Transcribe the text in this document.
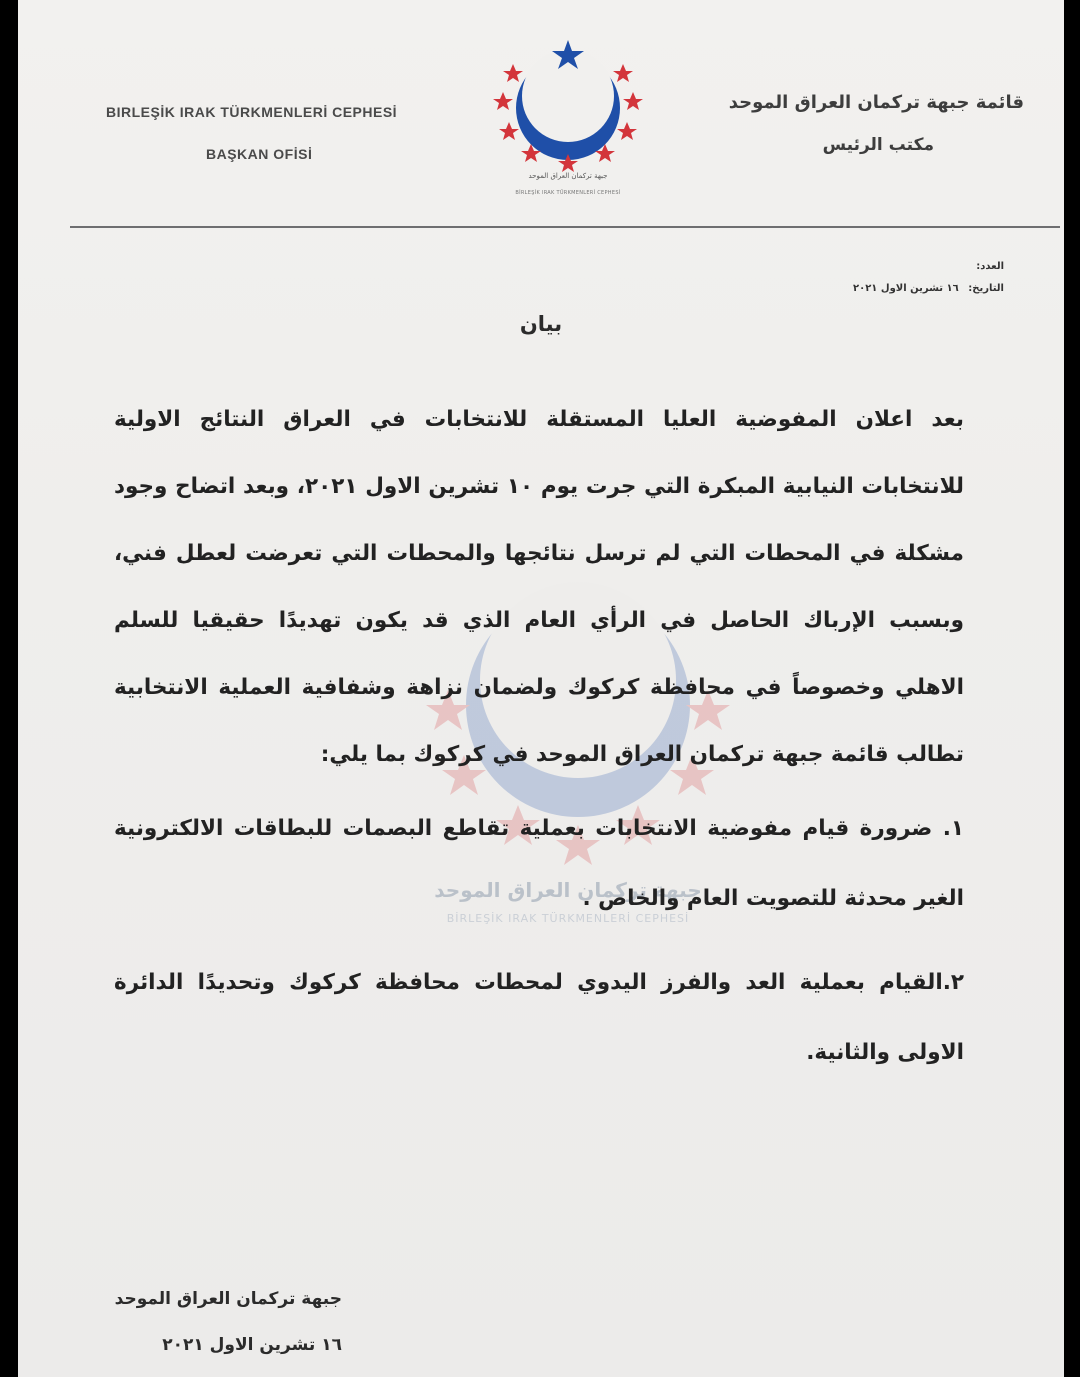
BIRLEŞİK IRAK TÜRKMENLERİ CEPHESİ
BAŞKAN OFİSİ
جبهة تركمان العراق الموحد
BİRLEŞİK IRAK TÜRKMENLERİ CEPHESİ
قائمة جبهة تركمان العراق الموحد
مكتب الرئيس
العدد:
التاريخ: ١٦ تشرين الاول ٢٠٢١
جبهة تركمان العراق الموحد
BİRLEŞİK IRAK TÜRKMENLERİ CEPHESİ
بيان
بعد اعلان المفوضية العليا المستقلة للانتخابات في العراق النتائج الاولية للانتخابات النيابية المبكرة التي جرت يوم ١٠ تشرين الاول ٢٠٢١، وبعد اتضاح وجود مشكلة في المحطات التي لم ترسل نتائجها والمحطات التي تعرضت لعطل فني، وبسبب الإرباك الحاصل في الرأي العام الذي قد يكون تهديدًا حقيقيا للسلم الاهلي وخصوصاً في محافظة كركوك ولضمان نزاهة وشفافية العملية الانتخابية تطالب قائمة جبهة تركمان العراق الموحد في كركوك بما يلي:
١. ضرورة قيام مفوضية الانتخابات بعملية تقاطع البصمات للبطاقات الالكترونية الغير محدثة للتصويت العام والخاص .
٢.القيام بعملية العد والفرز اليدوي لمحطات محافظة كركوك وتحديدًا الدائرة الاولى والثانية.
جبهة تركمان العراق الموحد
١٦ تشرين الاول ٢٠٢١
